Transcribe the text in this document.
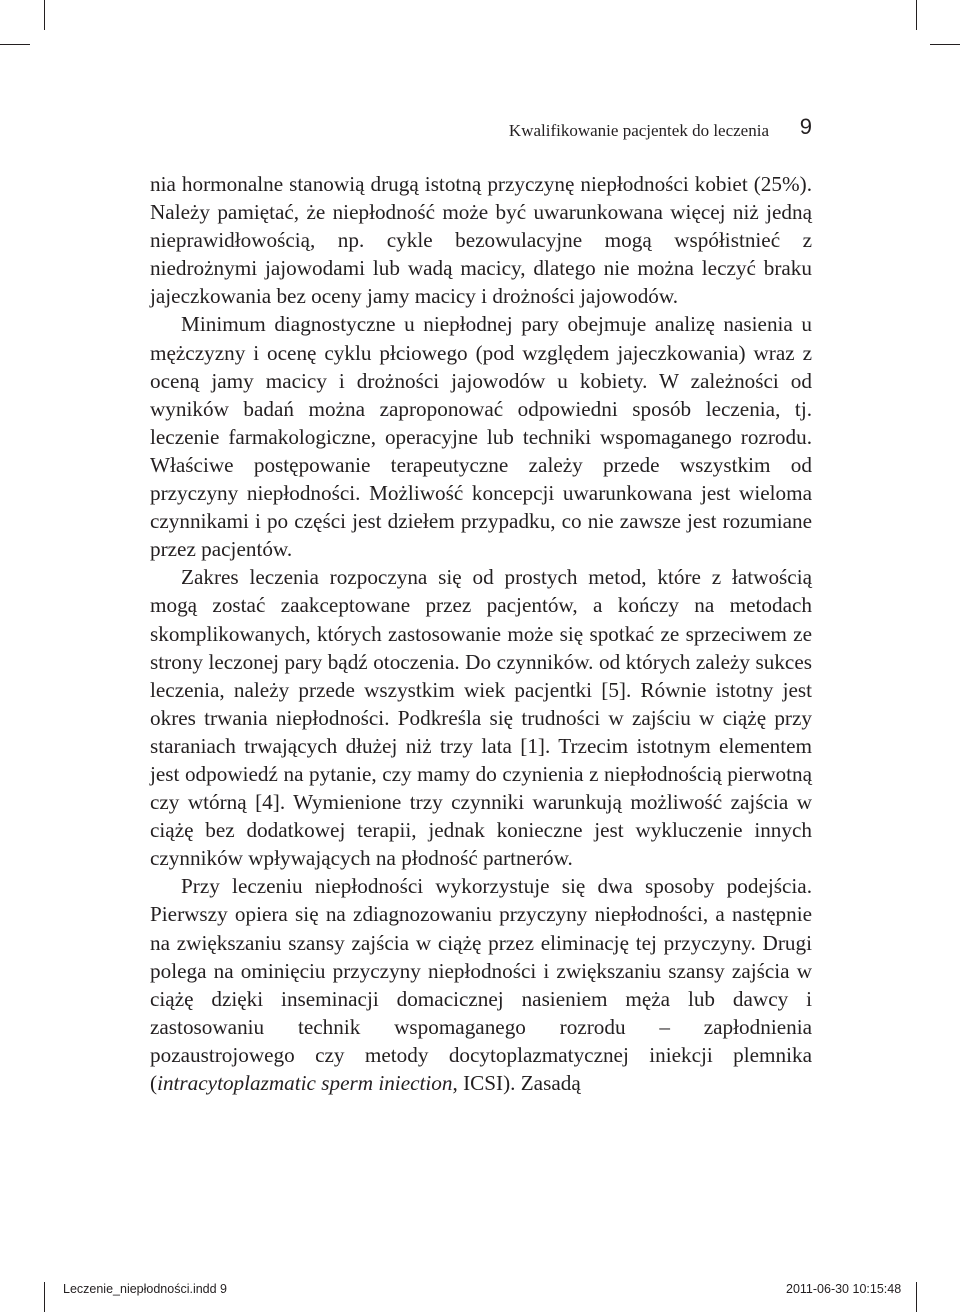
Kwalifikowanie pacjentek do leczenia 9

nia hormonalne stanowią drugą istotną przyczynę niepłodności kobiet (25%). Należy pamiętać, że niepłodność może być uwarunkowana więcej niż jedną nieprawidłowością, np. cykle bezowulacyjne mogą współistnieć z niedrożnymi jajowodami lub wadą macicy, dlatego nie można leczyć braku jajeczkowania bez oceny jamy macicy i drożności jajowodów.

Minimum diagnostyczne u niepłodnej pary obejmuje analizę nasienia u mężczyzny i ocenę cyklu płciowego (pod względem jajeczkowania) wraz z oceną jamy macicy i drożności jajowodów u kobiety. W zależności od wyników badań można zaproponować odpowiedni sposób leczenia, tj. leczenie farmakologiczne, operacyjne lub techniki wspomaganego rozrodu. Właściwe postępowanie terapeutyczne zależy przede wszystkim od przyczyny niepłodności. Możliwość koncepcji uwarunkowana jest wieloma czynnikami i po części jest dziełem przypadku, co nie zawsze jest rozumiane przez pacjentów.

Zakres leczenia rozpoczyna się od prostych metod, które z łatwością mogą zostać zaakceptowane przez pacjentów, a kończy na metodach skomplikowanych, których zastosowanie może się spotkać ze sprzeciwem ze strony leczonej pary bądź otoczenia. Do czynników. od których zależy sukces leczenia, należy przede wszystkim wiek pacjentki [5]. Równie istotny jest okres trwania niepłodności. Podkreśla się trudności w zajściu w ciążę przy staraniach trwających dłużej niż trzy lata [1]. Trzecim istotnym elementem jest odpowiedź na pytanie, czy mamy do czynienia z niepłodnością pierwotną czy wtórną [4]. Wymienione trzy czynniki warunkują możliwość zajścia w ciążę bez dodatkowej terapii, jednak konieczne jest wykluczenie innych czynników wpływających na płodność partnerów.

Przy leczeniu niepłodności wykorzystuje się dwa sposoby podejścia. Pierwszy opiera się na zdiagnozowaniu przyczyny niepłodności, a następnie na zwiększaniu szansy zajścia w ciążę przez eliminację tej przyczyny. Drugi polega na ominięciu przyczyny niepłodności i zwiększaniu szansy zajścia w ciążę dzięki inseminacji domacicznej nasieniem męża lub dawcy i zastosowaniu technik wspomaganego rozrodu – zapłodnienia pozaustrojowego czy metody docytoplazmatycznej iniekcji plemnika (intracytoplazmatic sperm iniection, ICSI). Zasadą

Leczenie_niepłodności.indd 9	2011-06-30 10:15:48
